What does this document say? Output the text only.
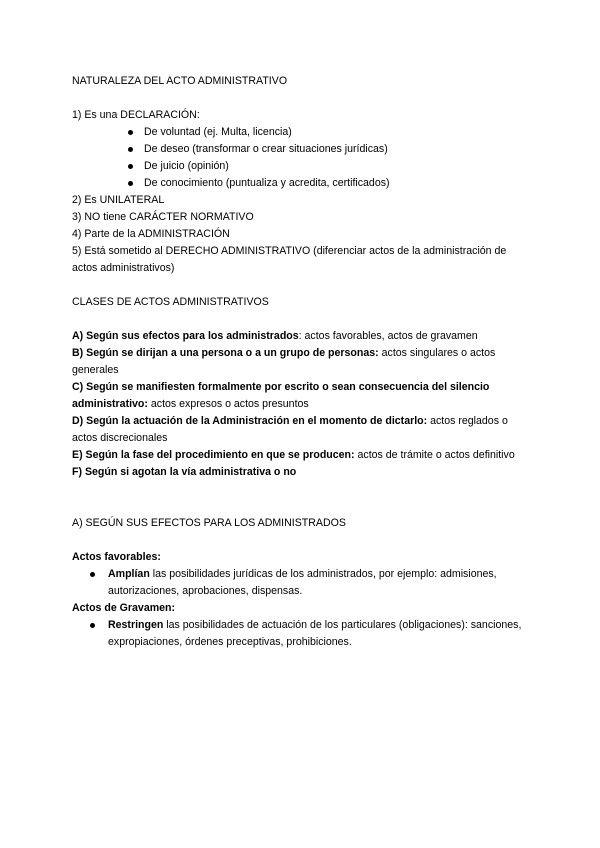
NATURALEZA DEL ACTO ADMINISTRATIVO

1) Es una DECLARACIÓN:

De voluntad (ej. Multa, licencia)
De deseo (transformar o crear situaciones jurídicas)
De juicio (opinión)
De conocimiento (puntualiza y acredita, certificados)

2) Es UNILATERAL

3) NO tiene CARÁCTER NORMATIVO

4) Parte de la ADMINISTRACIÓN

5) Está sometido al DERECHO ADMINISTRATIVO (diferenciar actos de la administración de actos administrativos)

CLASES DE ACTOS ADMINISTRATIVOS

A) Según sus efectos para los administrados: actos favorables, actos de gravamen

B) Según se dirijan a una persona o a un grupo de personas: actos singulares o actos generales

C) Según se manifiesten formalmente por escrito o sean consecuencia del silencio administrativo: actos expresos o actos presuntos

D) Según la actuación de la Administración en el momento de dictarlo: actos reglados o actos discrecionales

E) Según la fase del procedimiento en que se producen: actos de trámite o actos definitivo

F) Según si agotan la vía administrativa o no

A) SEGÚN SUS EFECTOS PARA LOS ADMINISTRADOS

Actos favorables:

Amplían las posibilidades jurídicas de los administrados, por ejemplo: admisiones, autorizaciones, aprobaciones, dispensas.

Actos de Gravamen:

Restringen las posibilidades de actuación de los particulares (obligaciones): sanciones, expropiaciones, órdenes preceptivas, prohibiciones.
